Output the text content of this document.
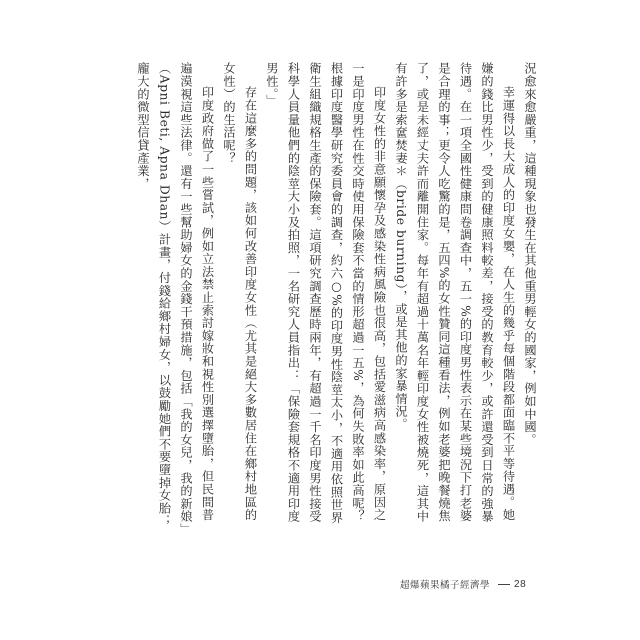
況愈來愈嚴重，這種現象也發生在其他重男輕女的國家，例如中國。

幸運得以長大成人的印度女嬰，在人生的幾乎每個階段都面臨不平等待遇。她嫌的錢比男性少，受到的健康照料較差，接受的教育較少，或許還受到日常的強暴待遇。在一項全國性健康問卷調查中，五一%的印度男性表示在某些境況下打老婆是合理的事；更令人吃驚的是，五四%的女性贊同這種看法，例如老婆把晚餐燒焦了，或是未經丈夫許而離開住家。每年有超過十萬名年輕印度女性被燒死，這其中有許多是索奩焚妻＊（bride burning），或是其他的家暴情況。

印度女性的非意願懷孕及感染性病風險也很高，包括愛滋病高感染率，原因之一是印度男性在性交時使用保險套不當的情形超過一五%，為何失敗率如此高呢？根據印度醫學研究委員會的調查，約六○%的印度男性陰莖太小，不適用依照世界衛生組織規格生產的保險套。這項研究調查歷時兩年，有超過一千名印度男性接受科學人員量他們的陰莖大小及拍照，一名研究人員指出：「保險套規格不適用印度男性。」

存在這麼多的問題，該如何改善印度女性（尤其是絕大多數居住在鄉村地區的女性）的生活呢？

印度政府做了一些嘗試，例如立法禁止索討嫁妝和視性別選擇墮胎，但民間普遍漠視這些法律。還有一些幫助婦女的金錢干預措施，包括「我的女兒，我的新娘」（Apni Beti, Apna Dhan）計畫，付錢給鄉村婦女，以鼓勵她們不要墮掉女胎；龐大的微型信貸產業，

超爆蘋果橘子經濟學 28
